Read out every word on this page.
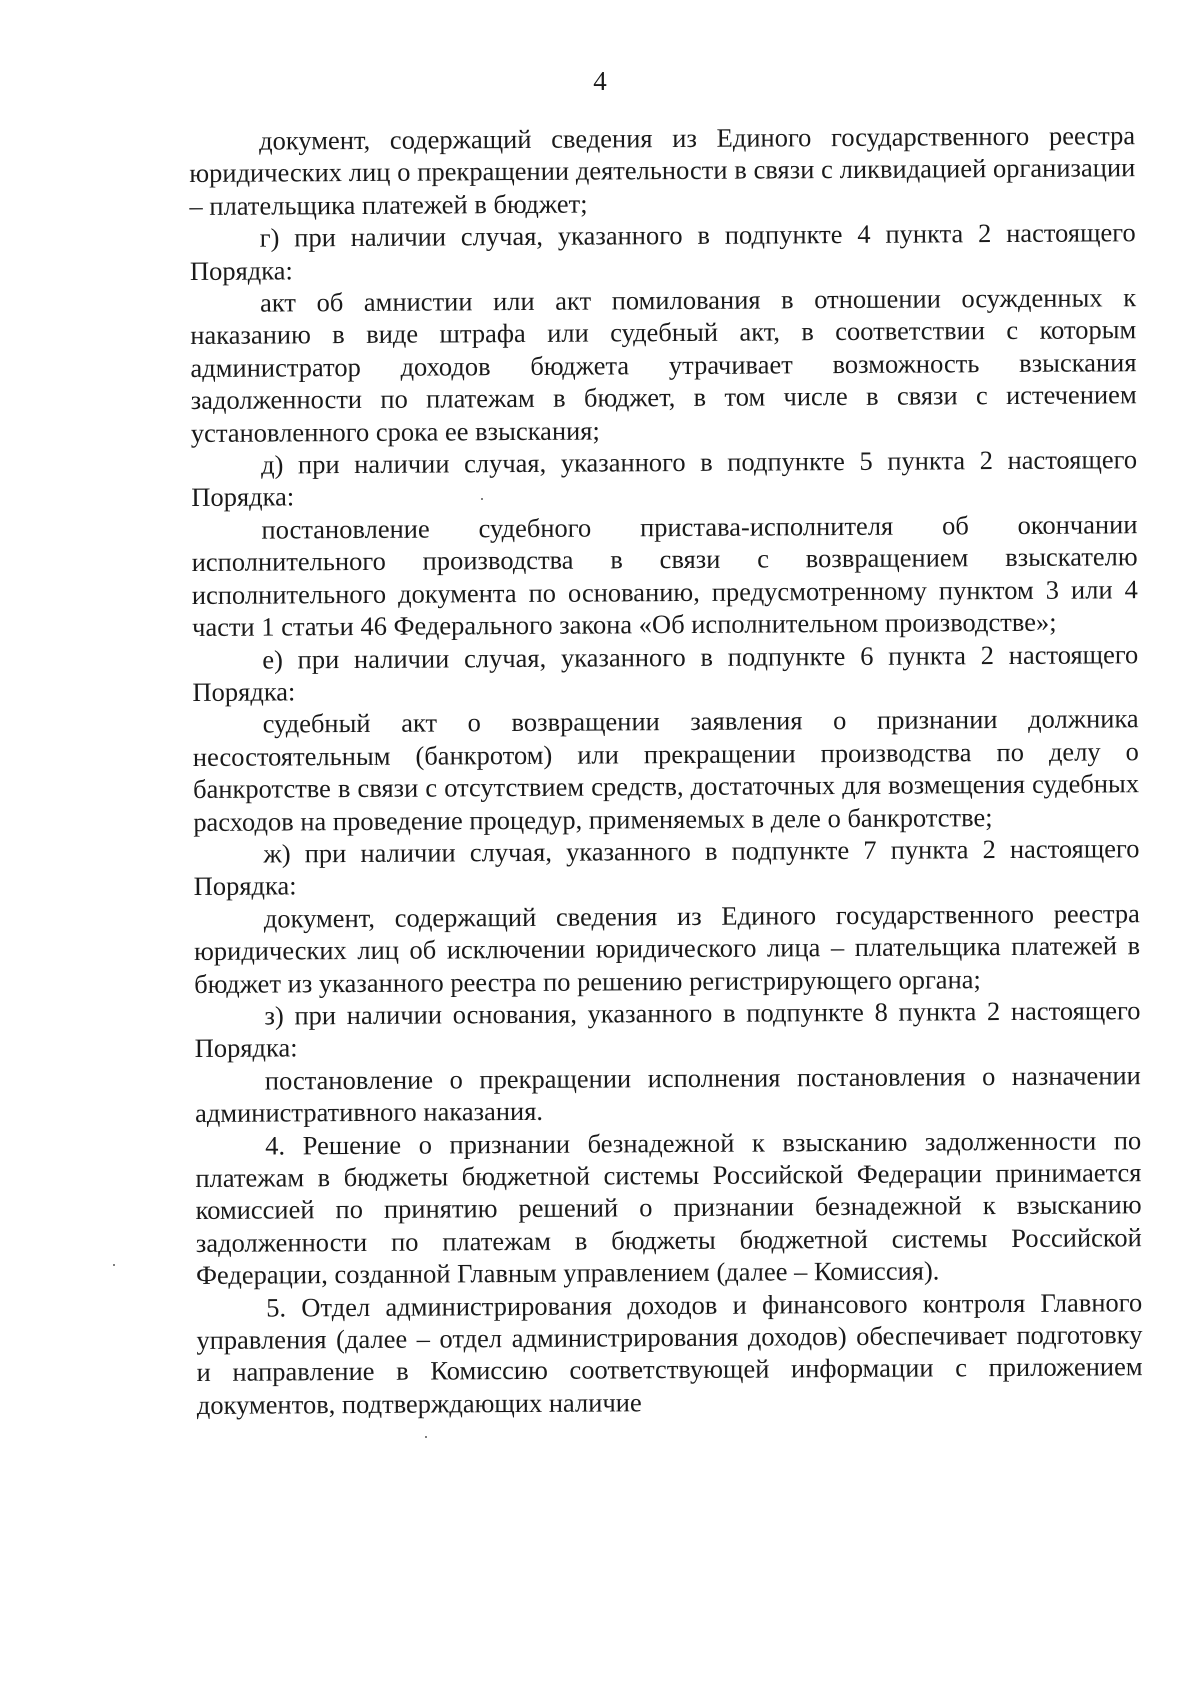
4

документ, содержащий сведения из Единого государственного реестра юридических лиц о прекращении деятельности в связи с ликвидацией организации – плательщика платежей в бюджет;

г) при наличии случая, указанного в подпункте 4 пункта 2 настоящего Порядка:

акт об амнистии или акт помилования в отношении осужденных к наказанию в виде штрафа или судебный акт, в соответствии с которым администратор доходов бюджета утрачивает возможность взыскания задолженности по платежам в бюджет, в том числе в связи с истечением установленного срока ее взыскания;

д) при наличии случая, указанного в подпункте 5 пункта 2 настоящего Порядка:

постановление судебного пристава-исполнителя об окончании исполнительного производства в связи с возвращением взыскателю исполнительного документа по основанию, предусмотренному пунктом 3 или 4 части 1 статьи 46 Федерального закона «Об исполнительном производстве»;

е) при наличии случая, указанного в подпункте 6 пункта 2 настоящего Порядка:

судебный акт о возвращении заявления о признании должника несостоятельным (банкротом) или прекращении производства по делу о банкротстве в связи с отсутствием средств, достаточных для возмещения судебных расходов на проведение процедур, применяемых в деле о банкротстве;

ж) при наличии случая, указанного в подпункте 7 пункта 2 настоящего Порядка:

документ, содержащий сведения из Единого государственного реестра юридических лиц об исключении юридического лица – плательщика платежей в бюджет из указанного реестра по решению регистрирующего органа;

з) при наличии основания, указанного в подпункте 8 пункта 2 настоящего Порядка:

постановление о прекращении исполнения постановления о назначении административного наказания.

4. Решение о признании безнадежной к взысканию задолженности по платежам в бюджеты бюджетной системы Российской Федерации принимается комиссией по принятию решений о признании безнадежной к взысканию задолженности по платежам в бюджеты бюджетной системы Российской Федерации, созданной Главным управлением (далее – Комиссия).

5. Отдел администрирования доходов и финансового контроля Главного управления (далее – отдел администрирования доходов) обеспечивает подготовку и направление в Комиссию соответствующей информации с приложением документов, подтверждающих наличие
